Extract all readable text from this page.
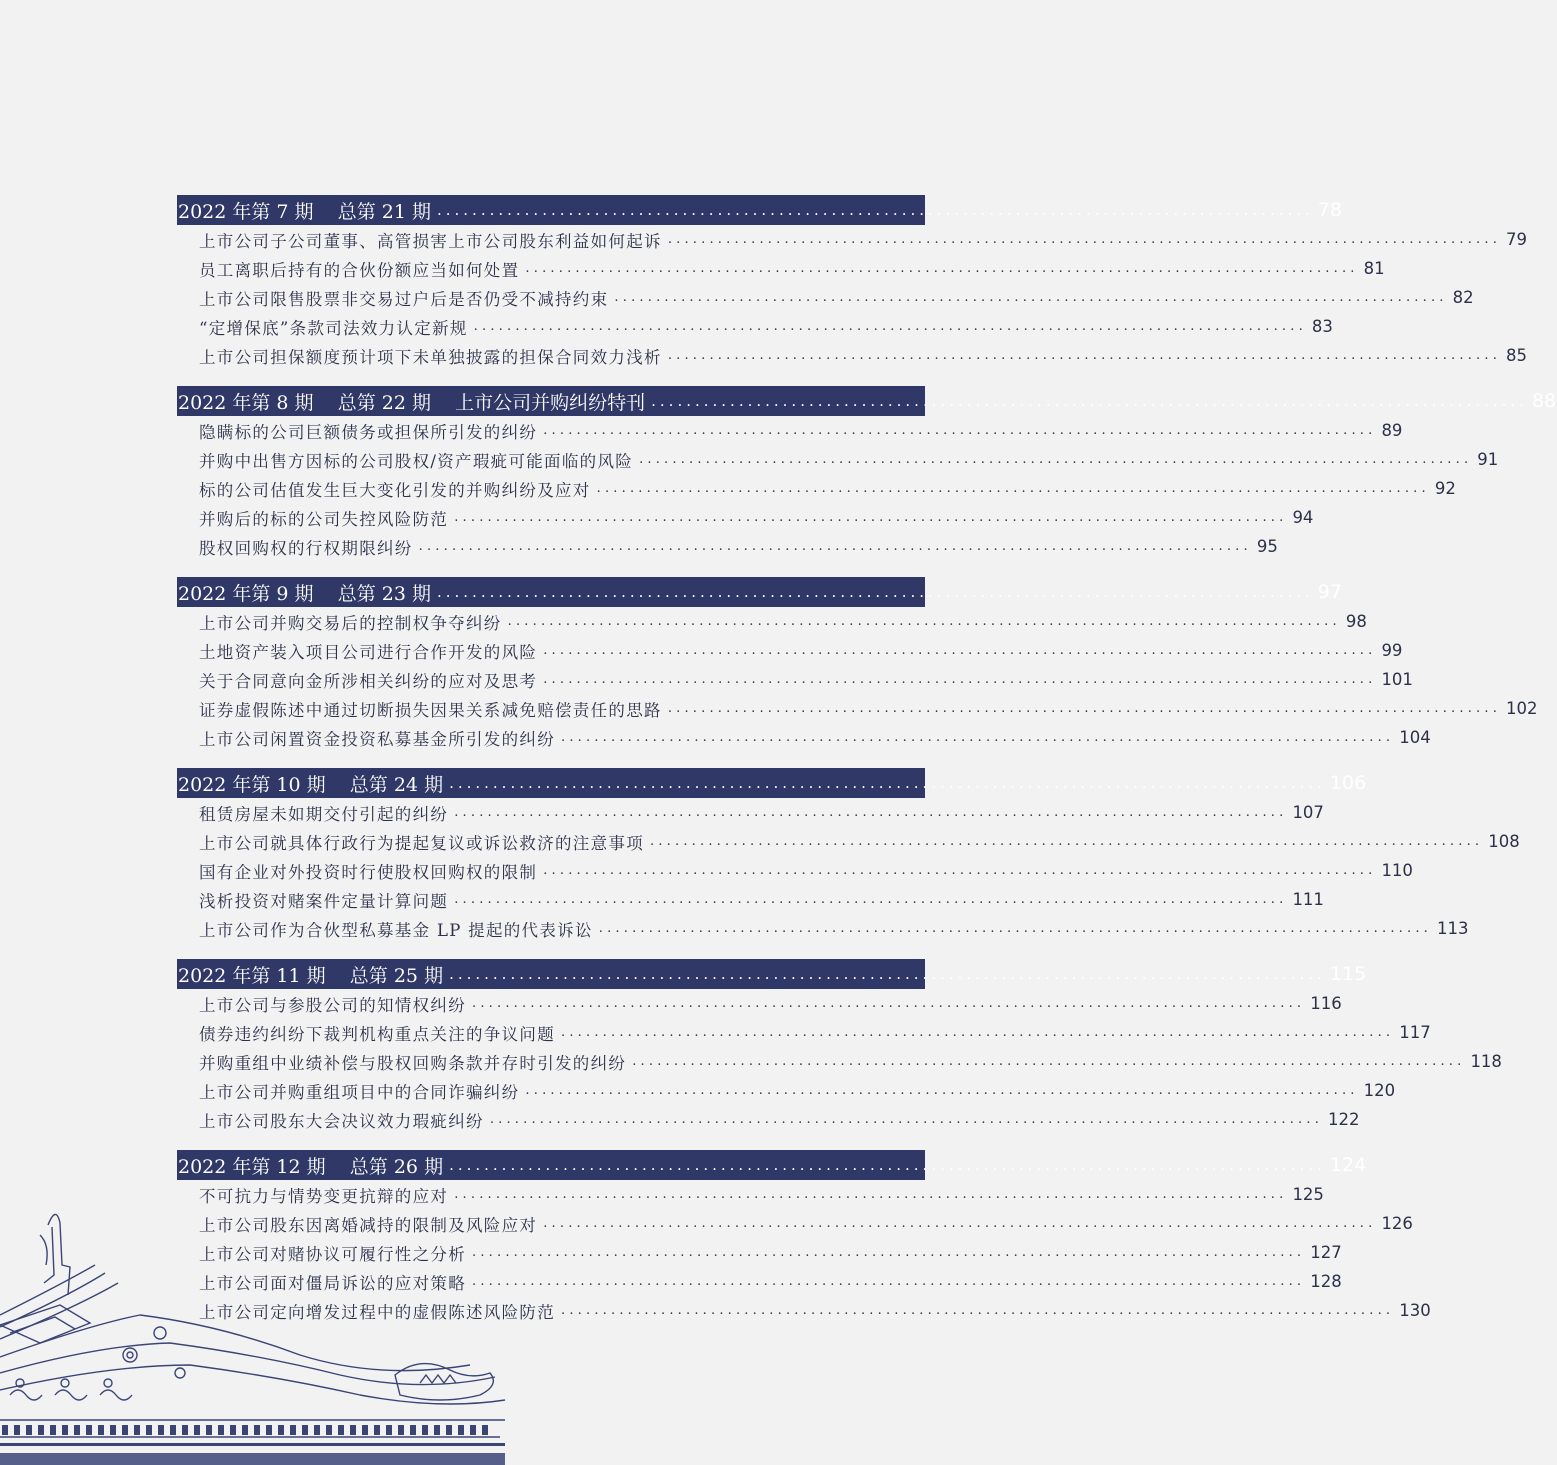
2022 年第 7 期    总第 21 期 .................................................................................................... 78
上市公司子公司董事、高管损害上市公司股东利益如何起诉 .................................................................................................... 79
员工离职后持有的合伙份额应当如何处置 .................................................................................................... 81
上市公司限售股票非交易过户后是否仍受不减持约束 .................................................................................................... 82
“定增保底”条款司法效力认定新规 .................................................................................................... 83
上市公司担保额度预计项下未单独披露的担保合同效力浅析 .................................................................................................... 85
2022 年第 8 期    总第 22 期    上市公司并购纠纷特刊 .................................................................................................... 88
隐瞒标的公司巨额债务或担保所引发的纠纷 .................................................................................................... 89
并购中出售方因标的公司股权/资产瑕疵可能面临的风险 .................................................................................................... 91
标的公司估值发生巨大变化引发的并购纠纷及应对 .................................................................................................... 92
并购后的标的公司失控风险防范 .................................................................................................... 94
股权回购权的行权期限纠纷 .................................................................................................... 95
2022 年第 9 期    总第 23 期 .................................................................................................... 97
上市公司并购交易后的控制权争夺纠纷 .................................................................................................... 98
土地资产装入项目公司进行合作开发的风险 .................................................................................................... 99
关于合同意向金所涉相关纠纷的应对及思考 .................................................................................................... 101
证券虚假陈述中通过切断损失因果关系减免赔偿责任的思路 .................................................................................................... 102
上市公司闲置资金投资私募基金所引发的纠纷 .................................................................................................... 104
2022 年第 10 期    总第 24 期 .................................................................................................... 106
租赁房屋未如期交付引起的纠纷 .................................................................................................... 107
上市公司就具体行政行为提起复议或诉讼救济的注意事项 .................................................................................................... 108
国有企业对外投资时行使股权回购权的限制 .................................................................................................... 110
浅析投资对赌案件定量计算问题 .................................................................................................... 111
上市公司作为合伙型私募基金 LP 提起的代表诉讼 .................................................................................................... 113
2022 年第 11 期    总第 25 期 .................................................................................................... 115
上市公司与参股公司的知情权纠纷 .................................................................................................... 116
债券违约纠纷下裁判机构重点关注的争议问题 .................................................................................................... 117
并购重组中业绩补偿与股权回购条款并存时引发的纠纷 .................................................................................................... 118
上市公司并购重组项目中的合同诈骗纠纷 .................................................................................................... 120
上市公司股东大会决议效力瑕疵纠纷 .................................................................................................... 122
2022 年第 12 期    总第 26 期 .................................................................................................... 124
不可抗力与情势变更抗辩的应对 .................................................................................................... 125
上市公司股东因离婚减持的限制及风险应对 .................................................................................................... 126
上市公司对赌协议可履行性之分析 .................................................................................................... 127
上市公司面对僵局诉讼的应对策略 .................................................................................................... 128
上市公司定向增发过程中的虚假陈述风险防范 .................................................................................................... 130
